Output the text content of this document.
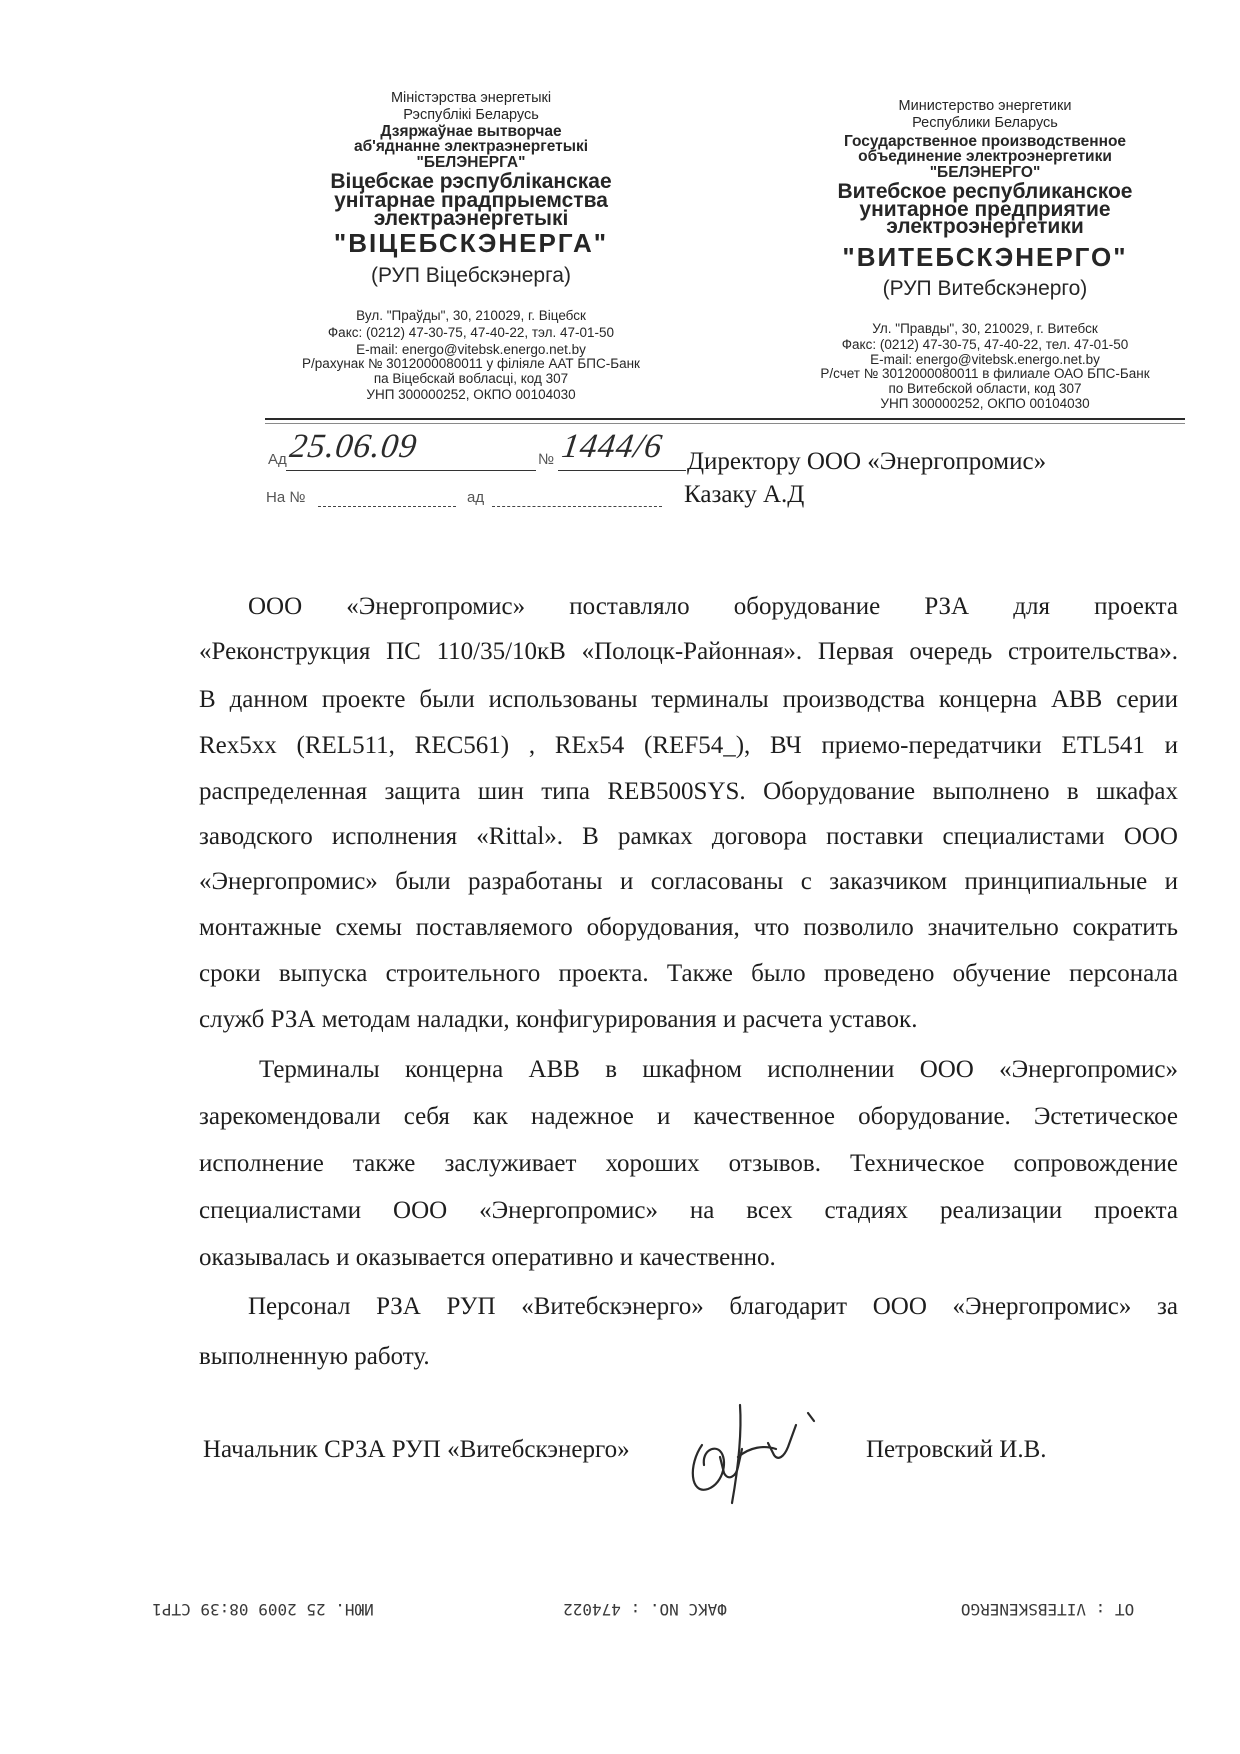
Міністэрства энергетыкі
Рэспублікі Беларусь
Дзяржаўнае вытворчае
аб'яднанне электраэнергетыкі
"БЕЛЭНЕРГА"
Віцебскае рэспубліканскае
унітарнае прадпрыемства
электраэнергетыкі
"ВІЦЕБСКЭНЕРГА"
(РУП Віцебскэнерга)
Вул. "Праўды", 30, 210029, г. Віцебск
Факс: (0212) 47-30-75, 47-40-22, тэл. 47-01-50
E-mail: energo@vitebsk.energo.net.by
Р/рахунак № 3012000080011 у філіяле ААТ БПС-Банк
па Віцебскай вобласці, код 307
УНП 300000252, ОКПО 00104030
Министерство энергетики
Республики Беларусь
Государственное производственное
объединение электроэнергетики
"БЕЛЭНЕРГО"
Витебское республиканское
унитарное предприятие
электроэнергетики
"ВИТЕБСКЭНЕРГО"
(РУП Витебскэнерго)
Ул. "Правды", 30, 210029, г. Витебск
Факс: (0212) 47-30-75, 47-40-22, тел. 47-01-50
E-mail: energo@vitebsk.energo.net.by
Р/счет № 3012000080011 в филиале ОАО БПС-Банк
по Витебской области, код 307
УНП 300000252, ОКПО 00104030
Ад 25.06.09	№ 1444/6
На №	ад
Директору ООО «Энергопромис»
Казаку А.Д
ООО «Энергопромис» поставляло оборудование РЗА для проекта
«Реконструкция ПС 110/35/10кВ «Полоцк-Районная». Первая очередь строительства».
В данном проекте были использованы терминалы производства концерна ABB серии
Rex5xx (REL511, REC561) , REx54 (REF54_), ВЧ приемо-передатчики ETL541 и
распределенная защита шин типа REB500SYS. Оборудование выполнено в шкафах
заводского исполнения «Rittal». В рамках договора поставки специалистами ООО
«Энергопромис» были разработаны и согласованы с заказчиком принципиальные и
монтажные схемы поставляемого оборудования, что позволило значительно сократить
сроки выпуска строительного проекта. Также было проведено обучение персонала
служб РЗА методам наладки, конфигурирования и расчета уставок.
Терминалы концерна ABB в шкафном исполнении ООО «Энергопромис»
зарекомендовали себя как надежное и качественное оборудование. Эстетическое
исполнение также заслуживает хороших отзывов. Техническое сопровождение
специалистами ООО «Энергопромис» на всех стадиях реализации проекта
оказывалась и оказывается оперативно и качественно.
Персонал РЗА РУП «Витебскэнерго» благодарит ООО «Энергопромис» за
выполненную работу.
Начальник СРЗА РУП «Витебскэнерго»	Петровский И.В.
ИЮН. 25 2009 08:39 СТР1	ФАКС NO. : 474022	OT : VITEBSKENERGO
